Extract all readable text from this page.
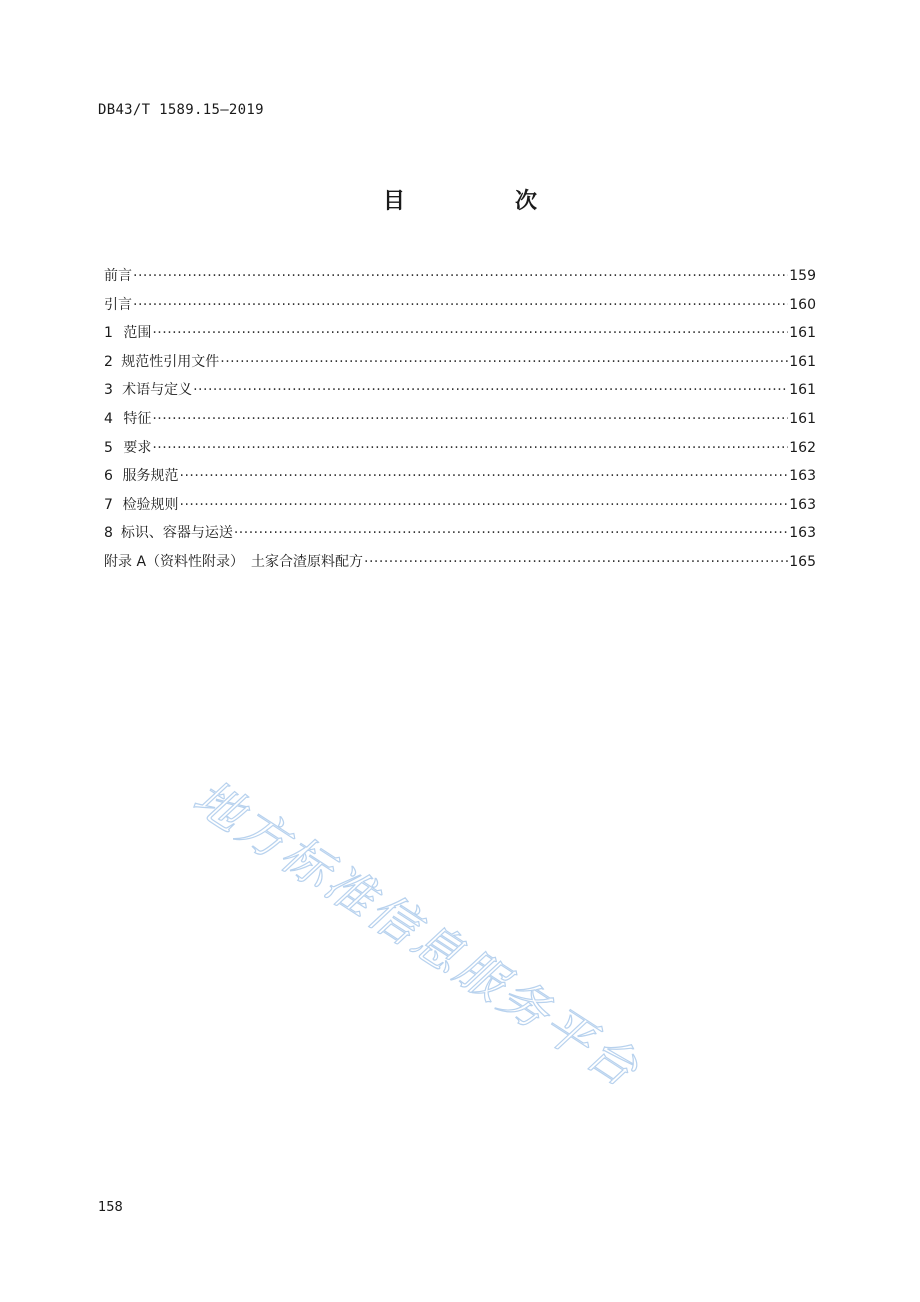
DB43/T 1589.15—2019
目　次
前言 ·····	159
引言 ·····	160
1 范围 ·····	161
2 规范性引用文件 ·····	161
3 术语与定义 ·····	161
4 特征 ·····	161
5 要求 ·····	162
6 服务规范 ·····	163
7 检验规则 ·····	163
8 标识、容器与运送 ·····	163
附录 A（资料性附录）　土家合渣原料配方 ·····	165
地方标准信息服务平台
158
